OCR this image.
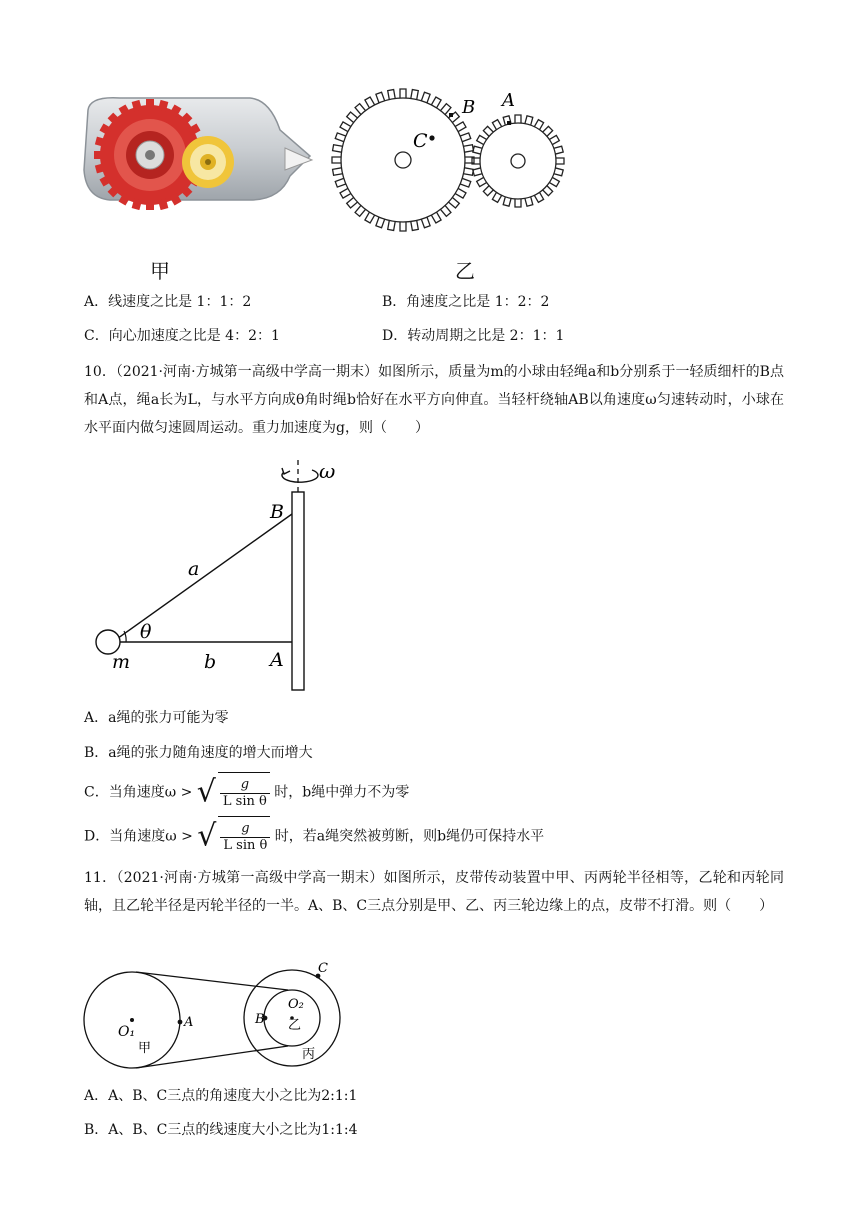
C
B A
甲	乙
A．线速度之比是 1：1：2	B．角速度之比是 1：2：2
C．向心加速度之比是 4：2：1	D．转动周期之比是 2：1：1
10．（2021·河南·方城第一高级中学高一期末）如图所示，质量为m的小球由轻绳a和b分别系于一轻质细杆的B点和A点，绳a长为L，与水平方向成θ角时绳b恰好在水平方向伸直。当轻杆绕轴AB以角速度ω匀速转动时，小球在水平面内做匀速圆周运动。重力加速度为g，则（　　）
ω
B
A
a
b
θ
m
A．a绳的张力可能为零
B．a绳的张力随角速度的增大而增大
C．当角速度ω > √ $\frac{g}{\text{L sin θ}}$ 时，b绳中弹力不为零
D．当角速度ω > √ $\frac{g}{\text{L sin θ}}$ 时，若a绳突然被剪断，则b绳仍可保持水平
11．（2021·河南·方城第一高级中学高一期末）如图所示，皮带传动装置中甲、丙两轮半径相等，乙轮和丙轮同轴，且乙轮半径是丙轮半径的一半。A、B、C三点分别是甲、乙、丙三轮边缘上的点，皮带不打滑。则（　　）
O₁
甲
A	B
C
O₂
乙
丙
A．A、B、C三点的角速度大小之比为2:1:1
B．A、B、C三点的线速度大小之比为1:1:4
